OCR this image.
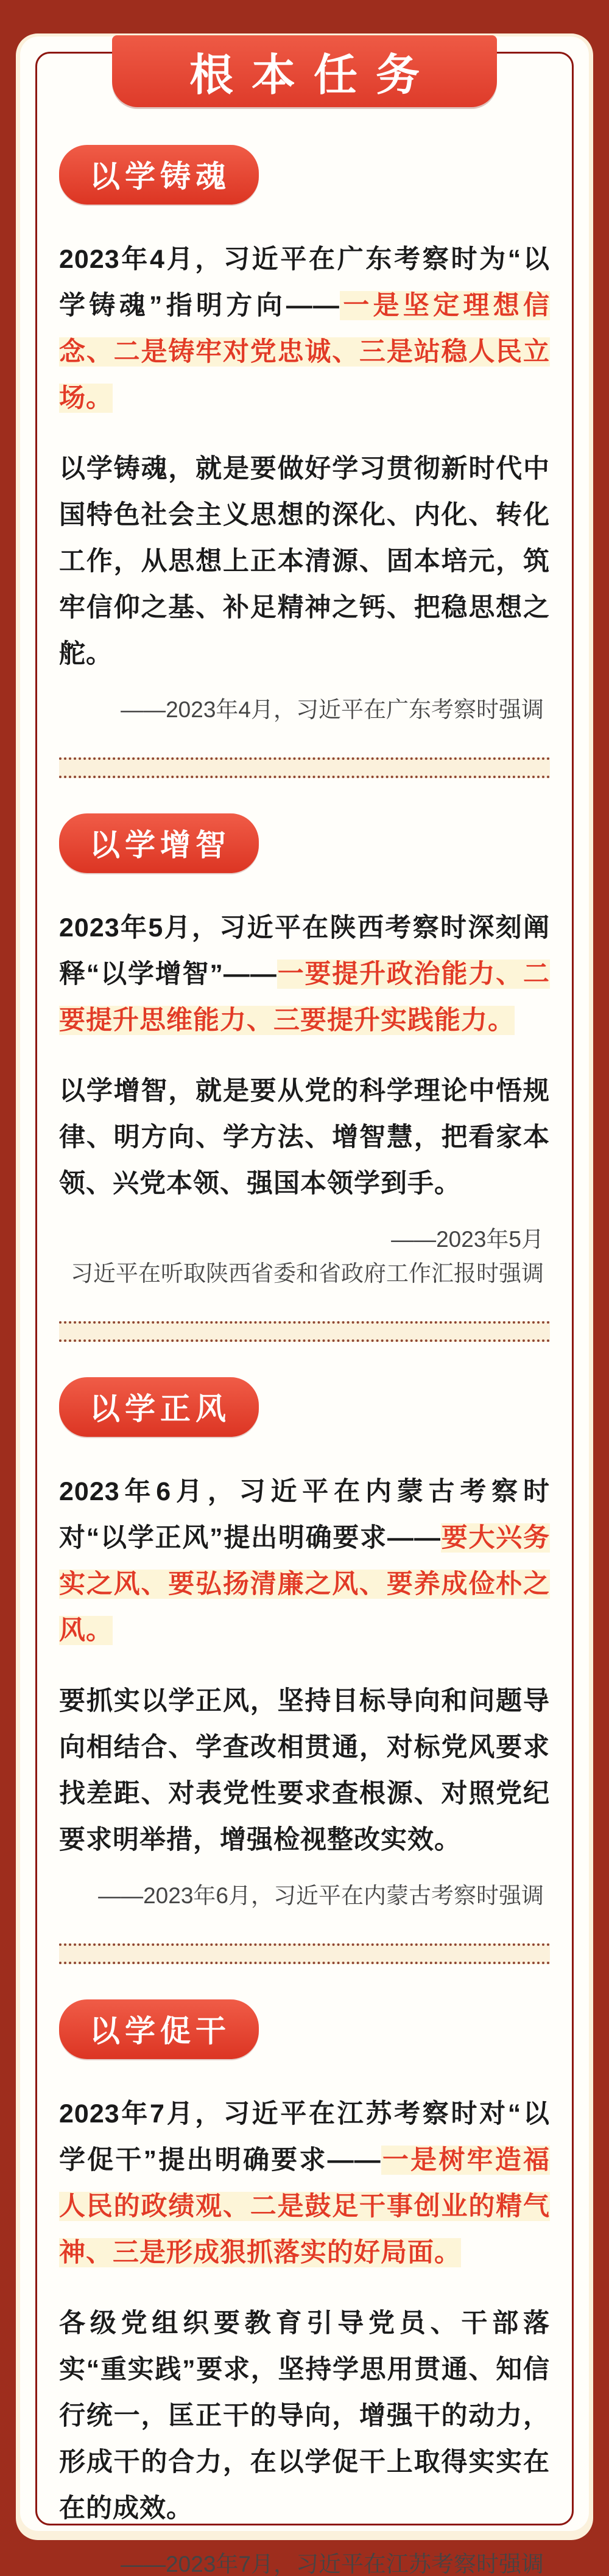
以学铸魂

2023年4月，习近平在广东考察时为“以学铸魂”指明方向——一是坚定理想信念、二是铸牢对党忠诚、三是站稳人民立场。

以学铸魂，就是要做好学习贯彻新时代中国特色社会主义思想的深化、内化、转化工作，从思想上正本清源、固本培元，筑牢信仰之基、补足精神之钙、把稳思想之舵。

——2023年4月，习近平在广东考察时强调
以学增智

2023年5月，习近平在陕西考察时深刻阐释“以学增智”——一要提升政治能力、二要提升思维能力、三要提升实践能力。

以学增智，就是要从党的科学理论中悟规律、明方向、学方法、增智慧，把看家本领、兴党本领、强国本领学到手。

——2023年5月
习近平在听取陕西省委和省政府工作汇报时强调
以学正风

2023年6月，习近平在内蒙古考察时对“以学正风”提出明确要求——要大兴务实之风、要弘扬清廉之风、要养成俭朴之风。

要抓实以学正风，坚持目标导向和问题导向相结合、学查改相贯通，对标党风要求找差距、对表党性要求查根源、对照党纪要求明举措，增强检视整改实效。

——2023年6月，习近平在内蒙古考察时强调
以学促干

2023年7月，习近平在江苏考察时对“以学促干”提出明确要求——一是树牢造福人民的政绩观、二是鼓足干事创业的精气神、三是形成狠抓落实的好局面。

各级党组织要教育引导党员、干部落实“重实践”要求，坚持学思用贯通、知信行统一，匡正干的导向，增强干的动力，形成干的合力，在以学促干上取得实实在在的成效。

——2023年7月，习近平在江苏考察时强调
根本任务
